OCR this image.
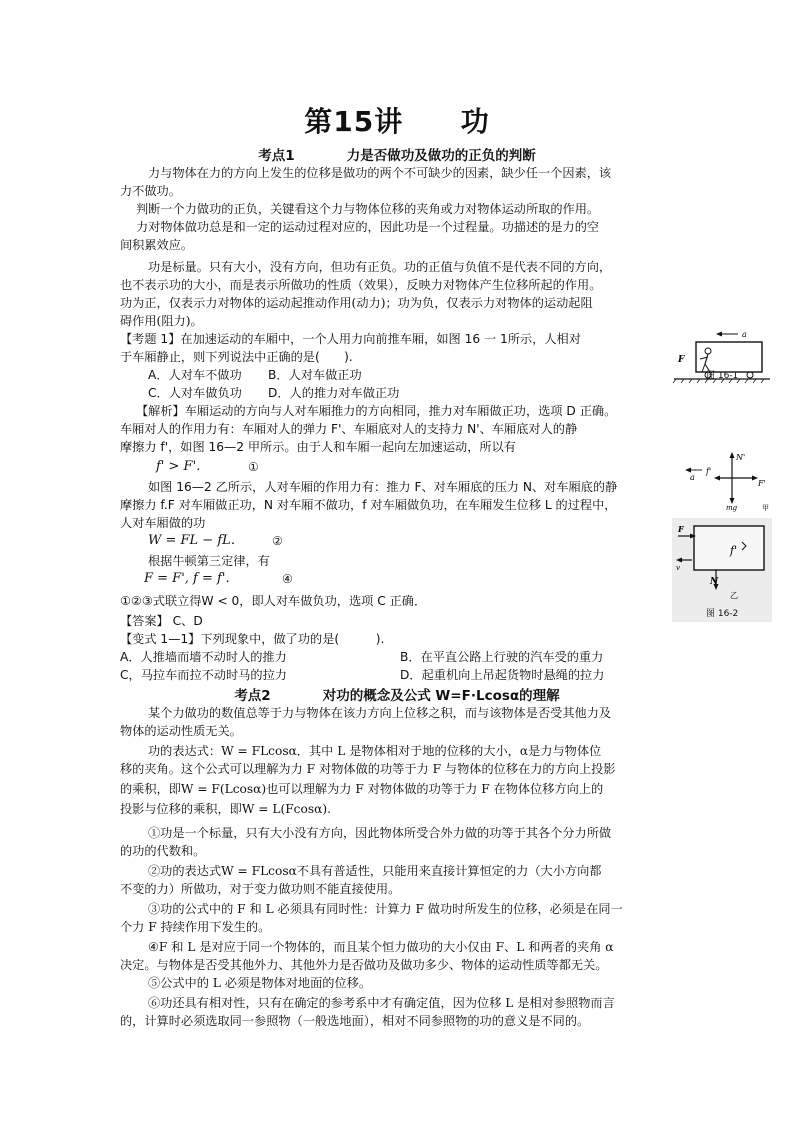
第15讲 功
考点1	力是否做功及做功的正负的判断
力与物体在力的方向上发生的位移是做功的两个不可缺少的因素，缺少任一个因素，该
力不做功。
判断一个力做功的正负，关键看这个力与物体位移的夹角或力对物体运动所取的作用。
力对物体做功总是和一定的运动过程对应的，因此功是一个过程量。功描述的是力的空
间积累效应。
功是标量。只有大小，没有方向，但功有正负。功的正值与负值不是代表不同的方向，
也不表示功的大小，而是表示所做功的性质（效果），反映力对物体产生位移所起的作用。
功为正，仅表示力对物体的运动起推动作用(动力)；功为负，仅表示力对物体的运动起阻
碍作用(阻力)。
【考题 1】在加速运动的车厢中，一个人用力向前推车厢，如图 16 一 1所示，人相对
于车厢静止，则下列说法中正确的是(　　).
A．人对车不做功 B．人对车做正功
C．人对车做负功 D．人的推力对车做正功
【解析】车厢运动的方向与人对车厢推力的方向相同，推力对车厢做正功，选项 D 正确。
车厢对人的作用力有：车厢对人的弹力 F'、车厢底对人的支持力 N'、车厢底对人的静
摩擦力 f'，如图 16—2 甲所示。由于人和车厢一起向左加速运动，所以有
f' > F'．	①
如图 16—2 乙所示，人对车厢的作用力有：推力 F、对车厢底的压力 N、对车厢底的静
摩擦力 f.F 对车厢做正功，N 对车厢不做功，f 对车厢做负功，在车厢发生位移 L 的过程中，
人对车厢做的功
W = FL − fL． ②
根据牛顿第三定律，有
F = F', f = f'．	④
①②③式联立得W < 0，即人对车做负功，选项 C 正确．
【答案】 C、D
【变式 1—1】下列现象中，做了功的是(　　　).
A．人推墙而墙不动时人的推力	B．在平直公路上行驶的汽车受的重力
C，马拉车而拉不动时马的拉力	D．起重机向上吊起货物时悬绳的拉力
考点2	对功的概念及公式 W=F·Lcosα的理解
某个力做功的数值总等于力与物体在该力方向上位移之积，而与该物体是否受其他力及
物体的运动性质无关。
功的表达式：W = FLcosα．其中 L 是物体相对于地的位移的大小，α是力与物体位
移的夹角。这个公式可以理解为力 F 对物体做的功等于力 F 与物体的位移在力的方向上投影
的乘积，即W = F(Lcosα)也可以理解为力 F 对物体做的功等于力 F 在物体位移方向上的
投影与位移的乘积，即W = L(Fcosα).
①功是一个标量，只有大小没有方向，因此物体所受合外力做的功等于其各个分力所做
的功的代数和。
②功的表达式W = FLcosα不具有普适性，只能用来直接计算恒定的力（大小方向都
不变的力）所做功，对于变力做功则不能直接使用。
③功的公式中的 F 和 L 必须具有同时性：计算力 F 做功时所发生的位移，必须是在同一
个力 F 持续作用下发生的。
④F 和 L 是对应于同一个物体的，而且某个恒力做功的大小仅由 F、L 和两者的夹角 α
决定。与物体是否受其他外力、其他外力是否做功及做功多少、物体的运动性质等都无关。
⑤公式中的 L 必须是物体对地面的位移。
⑥功还具有相对性，只有在确定的参考系中才有确定值，因为位移 L 是相对参照物而言
的，计算时必须选取同一参照物（一般选地面），相对不同参照物的功的意义是不同的。
a
F
图 16-1
N'
f'
F'
a
mg	甲
F
f'
v
N
乙
图 16-2
